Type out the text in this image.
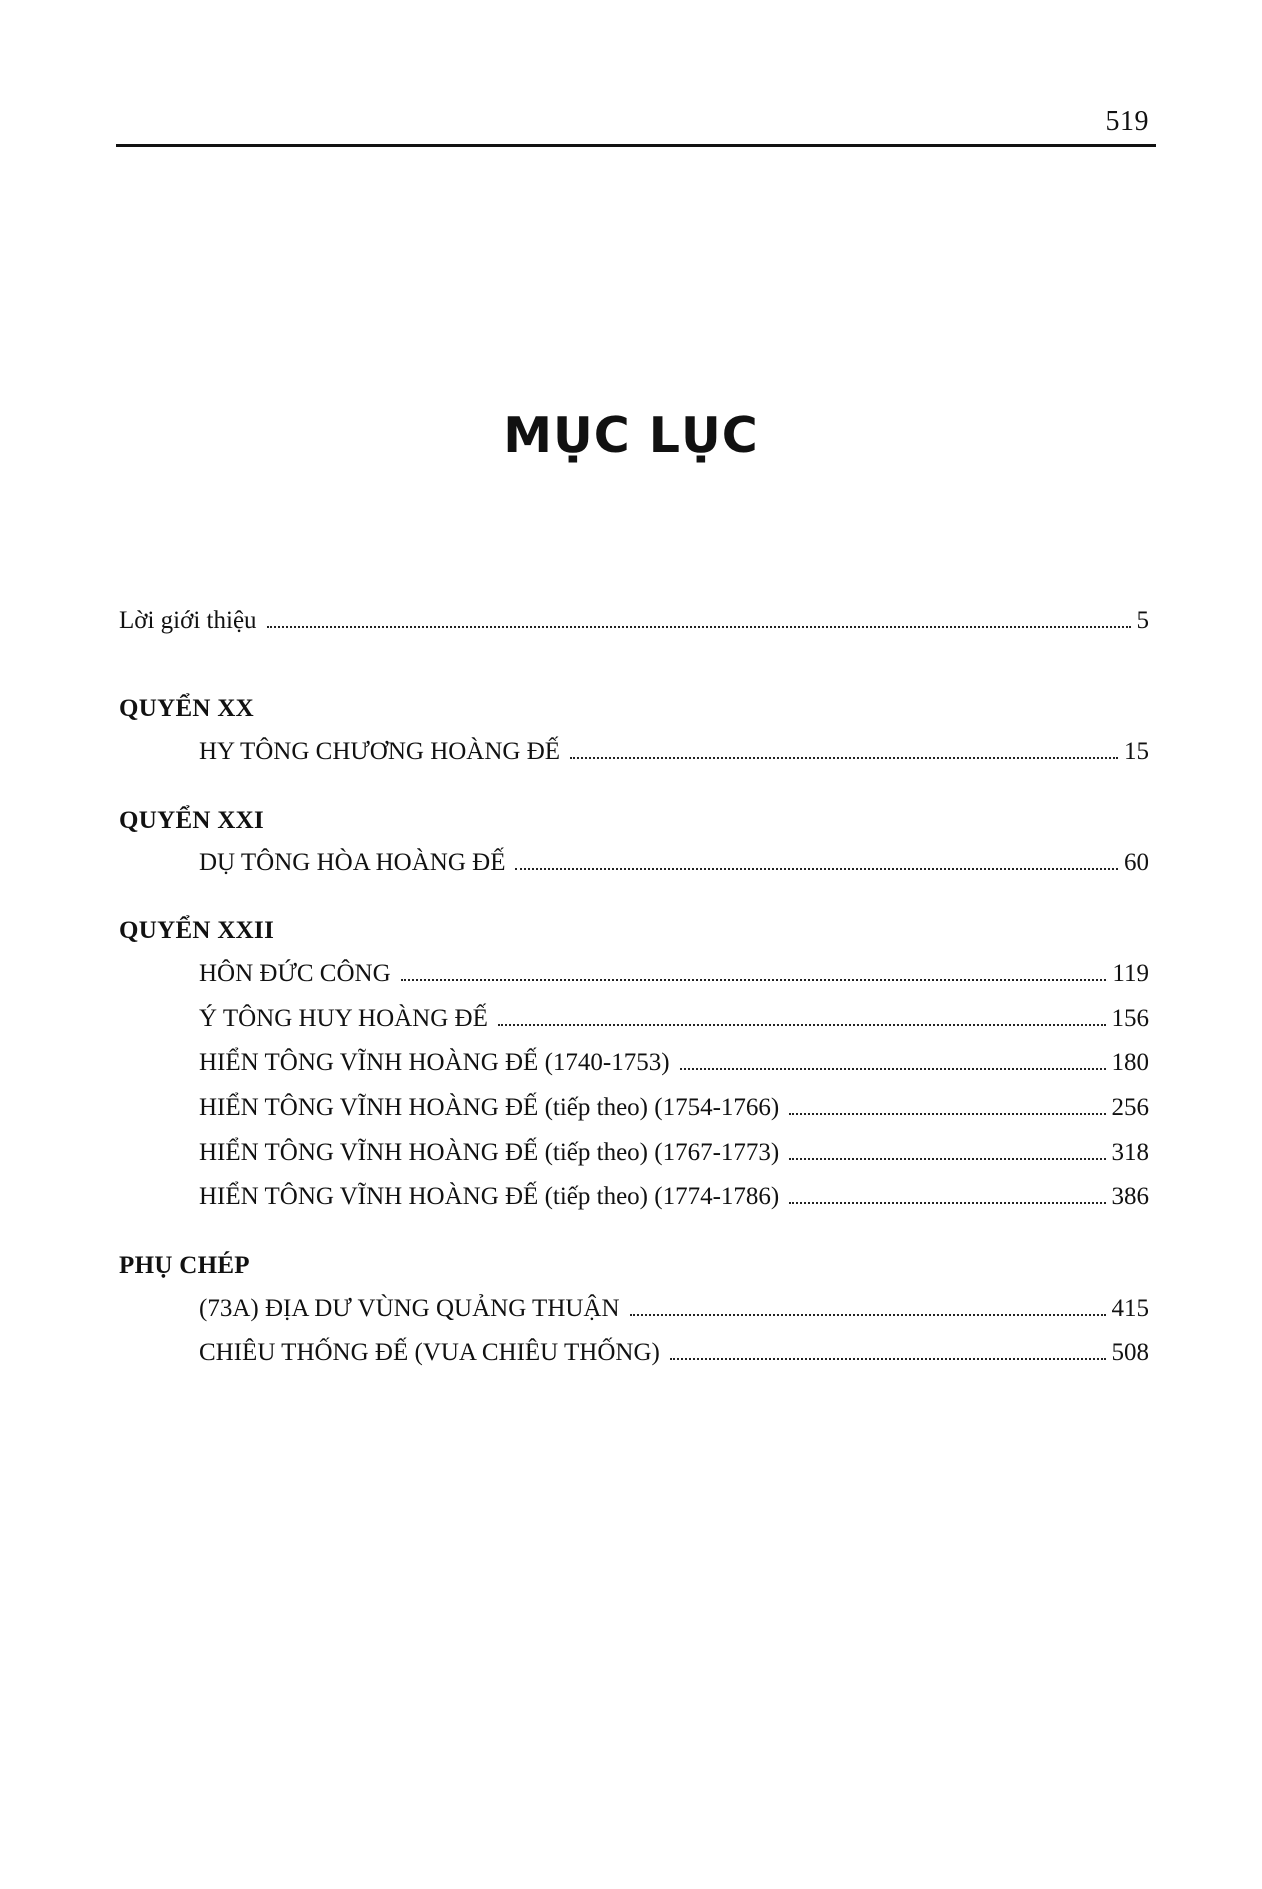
519
MỤC LỤC
Lời giới thiệu	5
QUYỂN XX
HY TÔNG CHƯƠNG HOÀNG ĐẾ	15
QUYỂN XXI
DỤ TÔNG HÒA HOÀNG ĐẾ	60
QUYỂN XXII
HÔN ĐỨC CÔNG	119
Ý TÔNG HUY HOÀNG ĐẾ	156
HIỂN TÔNG VĨNH HOÀNG ĐẾ (1740-1753)	180
HIỂN TÔNG VĨNH HOÀNG ĐẾ (tiếp theo) (1754-1766)	256
HIỂN TÔNG VĨNH HOÀNG ĐẾ (tiếp theo) (1767-1773)	318
HIỂN TÔNG VĨNH HOÀNG ĐẾ (tiếp theo) (1774-1786)	386
PHỤ CHÉP
(73A) ĐỊA DƯ VÙNG QUẢNG THUẬN	415
CHIÊU THỐNG ĐẾ (VUA CHIÊU THỐNG)	508
